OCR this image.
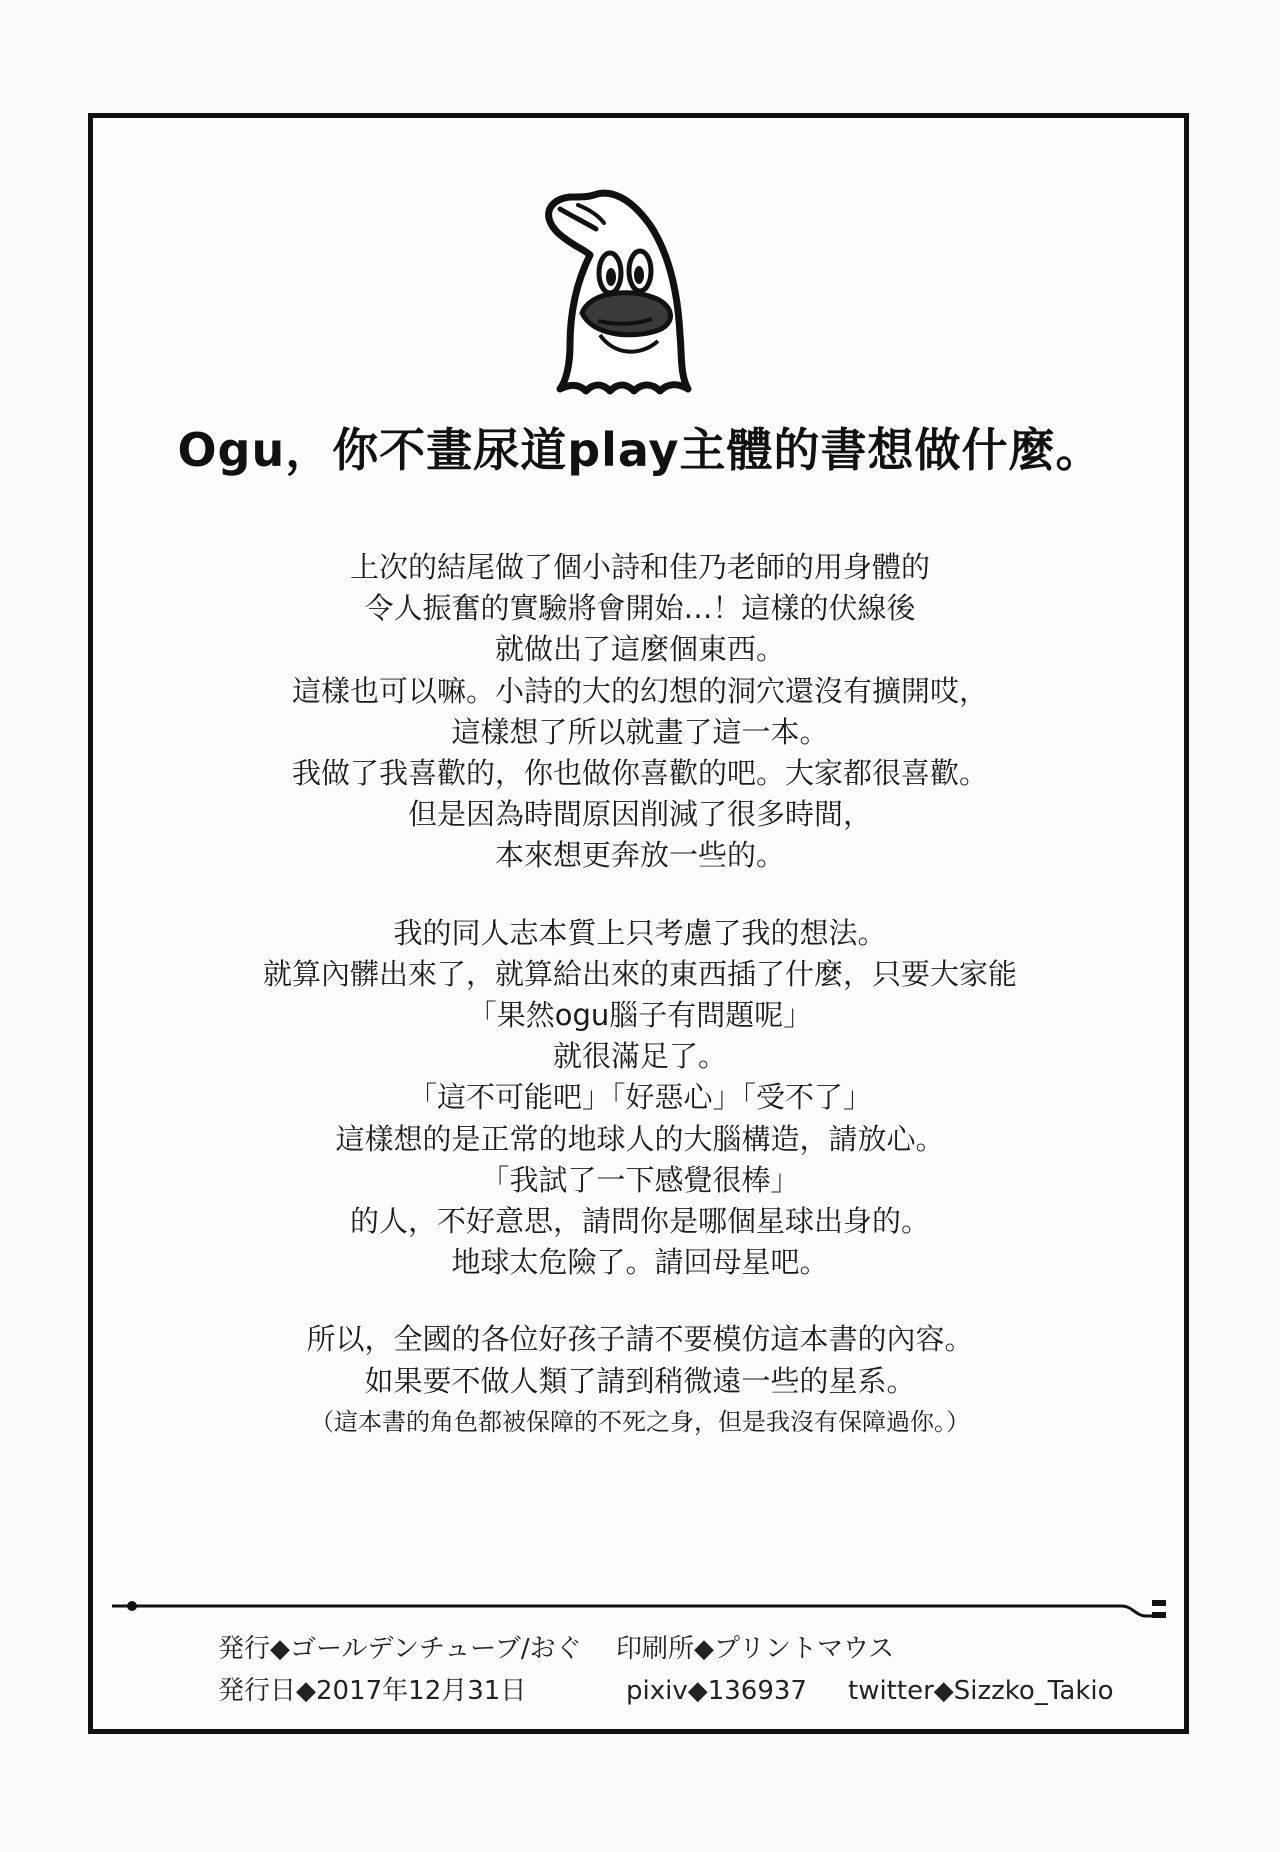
Ogu，你不畫尿道play主體的書想做什麼。
上次的結尾做了個小詩和佳乃老師的用身體的
令人振奮的實驗將會開始…！這樣的伏線後
就做出了這麼個東西。
這樣也可以嘛。小詩的大的幻想的洞穴還沒有擴開哎，
這樣想了所以就畫了這一本。
我做了我喜歡的，你也做你喜歡的吧。大家都很喜歡。
但是因為時間原因削減了很多時間，
本來想更奔放一些的。
我的同人志本質上只考慮了我的想法。
就算內髒出來了，就算給出來的東西插了什麼，只要大家能
「果然ogu腦子有問題呢」
就很滿足了。
「這不可能吧」「好惡心」「受不了」
這樣想的是正常的地球人的大腦構造，請放心。
「我試了一下感覺很棒」
的人，不好意思，請問你是哪個星球出身的。
地球太危險了。請回母星吧。
所以，全國的各位好孩子請不要模仿這本書的內容。
如果要不做人類了請到稍微遠一些的星系。
（這本書的角色都被保障的不死之身，但是我沒有保障過你。）
発行◆ゴールデンチューブ/おぐ 印刷所◆プリントマウス
発行日◆2017年12月31日	pixiv◆136937 twitter◆Sizzko_Takio
